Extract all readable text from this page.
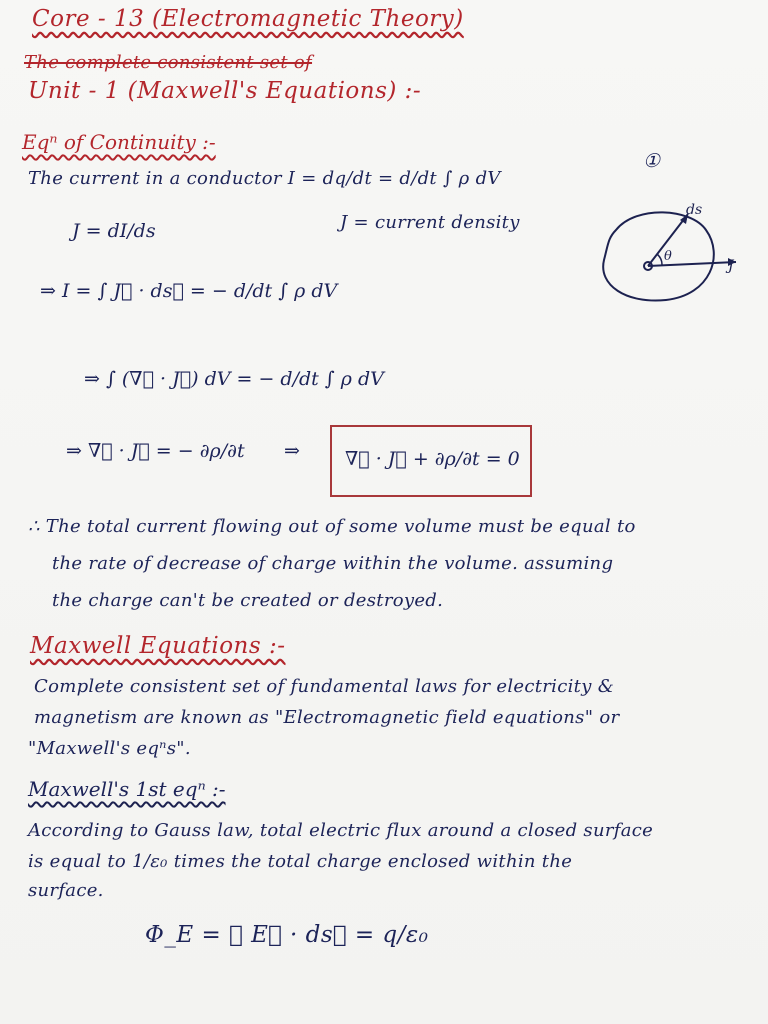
Core - 13 (Electromagnetic Theory)
The complete consistent set of
Unit - 1 (Maxwell's Equations) :-
Eqⁿ of Continuity :-
The current in a conductor I = dq/dt = d/dt ∫ ρ dV
①
J = dI/ds	J = current density
⇒ I = ∫ J⃗ · ds⃗ = − d/dt ∫ ρ dV
⇒ ∫ (∇⃗ · J⃗) dV = − d/dt ∫ ρ dV
⇒ ∇⃗ · J⃗ = − ∂ρ/∂t ⇒ ∇⃗ · J⃗ + ∂ρ/∂t = 0
∴ The total current flowing out of some volume must be equal to
the rate of decrease of charge within the volume. assuming
the charge can't be created or destroyed.
ds
θ
J
Maxwell Equations :-
Complete consistent set of fundamental laws for electricity &
magnetism are known as "Electromagnetic field equations" or
"Maxwell's eqⁿs".
Maxwell's 1st eqⁿ :-
According to Gauss law, total electric flux around a closed surface
is equal to 1/ε₀ times the total charge enclosed within the
surface.
Φ_E = ∮ E⃗ · ds⃗ = q/ε₀
